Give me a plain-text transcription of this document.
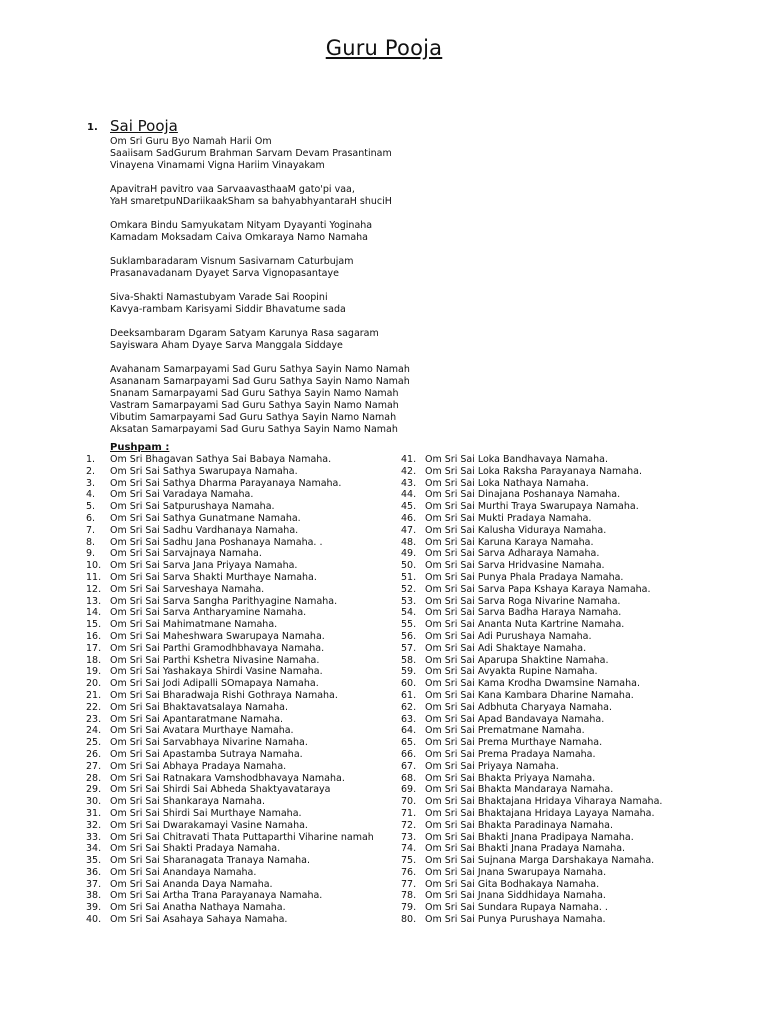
Guru Pooja
1. Sai Pooja
Om Sri Guru Byo Namah Harii Om
Saaiisam SadGurum Brahman Sarvam Devam Prasantinam
Vinayena Vinamami Vigna Hariim Vinayakam
ApavitraH pavitro vaa SarvaavasthaaM gato'pi vaa,
YaH smaretpuNDariikaakSham sa bahyabhyantaraH shuciH
Omkara Bindu Samyukatam Nityam Dyayanti Yoginaha
Kamadam Moksadam Caiva Omkaraya Namo Namaha
Suklambaradaram Visnum Sasivarnam Caturbujam
Prasanavadanam Dyayet Sarva Vignopasantaye
Siva-Shakti Namastubyam Varade Sai Roopini
Kavya-rambam Karisyami Siddir Bhavatume sada
Deeksambaram Dgaram Satyam Karunya Rasa sagaram
Sayiswara Aham Dyaye Sarva Manggala Siddaye
Avahanam Samarpayami Sad Guru Sathya Sayin Namo Namah
Asananam Samarpayami Sad Guru Sathya Sayin Namo Namah
Snanam Samarpayami Sad Guru Sathya Sayin Namo Namah
Vastram Samarpayami Sad Guru Sathya Sayin Namo Namah
Vibutim Samarpayami Sad Guru Sathya Sayin Namo Namah
Aksatan Samarpayami Sad Guru Sathya Sayin Namo Namah
Pushpam :
1. Om Sri Bhagavan Sathya Sai Babaya Namaha.
2. Om Sri Sai Sathya Swarupaya Namaha.
3. Om Sri Sai Sathya Dharma Parayanaya Namaha.
4. Om Sri Sai Varadaya Namaha.
5. Om Sri Sai Satpurushaya Namaha.
6. Om Sri Sai Sathya Gunatmane Namaha.
7. Om Sri Sai Sadhu Vardhanaya Namaha.
8. Om Sri Sai Sadhu Jana Poshanaya Namaha. .
9. Om Sri Sai Sarvajnaya Namaha.
10. Om Sri Sai Sarva Jana Priyaya Namaha.
11. Om Sri Sai Sarva Shakti Murthaye Namaha.
12. Om Sri Sai Sarveshaya Namaha.
13. Om Sri Sai Sarva Sangha Parithyagine Namaha.
14. Om Sri Sai Sarva Antharyamine Namaha.
15. Om Sri Sai Mahimatmane Namaha.
16. Om Sri Sai Maheshwara Swarupaya Namaha.
17. Om Sri Sai Parthi Gramodhbhavaya Namaha.
18. Om Sri Sai Parthi Kshetra Nivasine Namaha.
19. Om Sri Sai Yashakaya Shirdi Vasine Namaha.
20. Om Sri Sai Jodi Adipalli SOmapaya Namaha.
21. Om Sri Sai Bharadwaja Rishi Gothraya Namaha.
22. Om Sri Sai Bhaktavatsalaya Namaha.
23. Om Sri Sai Apantaratmane Namaha.
24. Om Sri Sai Avatara Murthaye Namaha.
25. Om Sri Sai Sarvabhaya Nivarine Namaha.
26. Om Sri Sai Apastamba Sutraya Namaha.
27. Om Sri Sai Abhaya Pradaya Namaha.
28. Om Sri Sai Ratnakara Vamshodbhavaya Namaha.
29. Om Sri Sai Shirdi Sai Abheda Shaktyavataraya
30. Om Sri Sai Shankaraya Namaha.
31. Om Sri Sai Shirdi Sai Murthaye Namaha.
32. Om Sri Sai Dwarakamayi Vasine Namaha.
33. Om Sri Sai Chitravati Thata Puttaparthi Viharine namah
34. Om Sri Sai Shakti Pradaya Namaha.
35. Om Sri Sai Sharanagata Tranaya Namaha.
36. Om Sri Sai Anandaya Namaha.
37. Om Sri Sai Ananda Daya Namaha.
38. Om Sri Sai Artha Trana Parayanaya Namaha.
39. Om Sri Sai Anatha Nathaya Namaha.
40. Om Sri Sai Asahaya Sahaya Namaha.
41. Om Sri Sai Loka Bandhavaya Namaha.
42. Om Sri Sai Loka Raksha Parayanaya Namaha.
43. Om Sri Sai Loka Nathaya Namaha.
44. Om Sri Sai Dinajana Poshanaya Namaha.
45.Om Sri Sai Murthi Traya Swarupaya Namaha.
46.Om Sri Sai Mukti Pradaya Namaha.
47. Om Sri Sai Kalusha Viduraya Namaha.
48. Om Sri Sai Karuna Karaya Namaha.
49. Om Sri Sai Sarva Adharaya Namaha.
50. Om Sri Sai Sarva Hridvasine Namaha.
51. Om Sri Sai Punya Phala Pradaya Namaha.
52. Om Sri Sai Sarva Papa Kshaya Karaya Namaha.
53. Om Sri Sai Sarva Roga Nivarine Namaha.
54. Om Sri Sai Sarva Badha Haraya Namaha.
55. Om Sri Sai Ananta Nuta Kartrine Namaha.
56. Om Sri Sai Adi Purushaya Namaha.
57. Om Sri Sai Adi Shaktaye Namaha.
58. Om Sri Sai Aparupa Shaktine Namaha.
59. Om Sri Sai Avyakta Rupine Namaha.
60. Om Sri Sai Kama Krodha Dwamsine Namaha.
61. Om Sri Sai Kana Kambara Dharine Namaha.
62. Om Sri Sai Adbhuta Charyaya Namaha.
63. Om Sri Sai Apad Bandavaya Namaha.
64. Om Sri Sai Prematmane Namaha.
65. Om Sri Sai Prema Murthaye Namaha.
66. Om Sri Sai Prema Pradaya Namaha.
67. Om Sri Sai Priyaya Namaha.
68. Om Sri Sai Bhakta Priyaya Namaha.
69. Om Sri Sai Bhakta Mandaraya Namaha.
70. Om Sri Sai Bhaktajana Hridaya Viharaya Namaha.
71. Om Sri Sai Bhaktajana Hridaya Layaya Namaha.
72. Om Sri Sai Bhakta Paradinaya Namaha.
73. Om Sri Sai Bhakti Jnana Pradipaya Namaha.
74. Om Sri Sai Bhakti Jnana Pradaya Namaha.
75. Om Sri Sai Sujnana Marga Darshakaya Namaha.
76. Om Sri Sai Jnana Swarupaya Namaha.
77. Om Sri Sai Gita Bodhakaya Namaha.
78. Om Sri Sai Jnana Siddhidaya Namaha.
79. Om Sri Sai Sundara Rupaya Namaha. .
80. Om Sri Sai Punya Purushaya Namaha.
